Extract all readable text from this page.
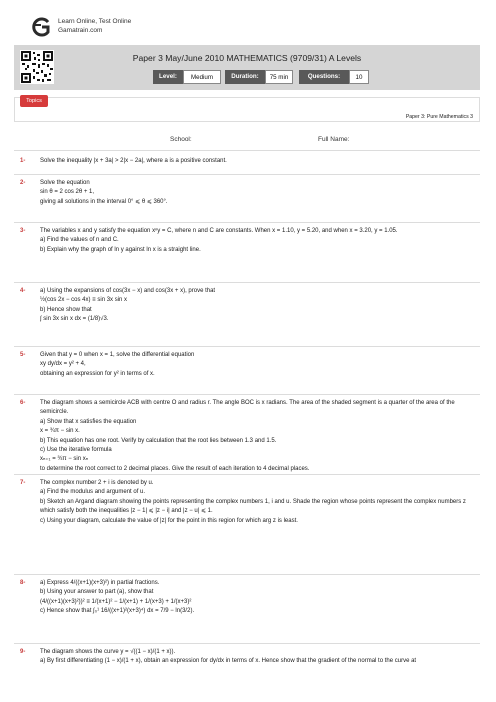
Learn Online, Test Online
Gamatrain.com
Paper 3 May/June 2010 MATHEMATICS (9709/31) A Levels
Level:	Medium	Duration:	75 min	Questions:	10
Paper 3: Pure Mathematics 3
Topics
School:	Full Name:
1- Solve the inequality |x + 3a| > 2|x − 2a|, where a is a positive constant.
2- Solve the equation
sin θ = 2 cos 2θ + 1,
giving all solutions in the interval 0° ⩽ θ ⩽ 360°.
3- The variables x and y satisfy the equation xⁿy = C, where n and C are constants. When x = 1.10, y = 5.20, and when x = 3.20, y = 1.05.
a) Find the values of n and C.
b) Explain why the graph of ln y against ln x is a straight line.
4- a) Using the expansions of cos(3x − x) and cos(3x + x), prove that
½(cos 2x − cos 4x) ≡ sin 3x sin x
b) Hence show that
∫ sin 3x sin x dx = (1/8)√3.
5- Given that y = 0 when x = 1, solve the differential equation
xy dy/dx = y² + 4,
obtaining an expression for y² in terms of x.
6- The diagram shows a semicircle ACB with centre O and radius r. The angle BOC is x radians. The area of the shaded segment is a quarter of the area of the semicircle.
a) Show that x satisfies the equation
x = ¾π − sin x.
b) This equation has one root. Verify by calculation that the root lies between 1.3 and 1.5.
c) Use the iterative formula
xₙ₊₁ = ¾π − sin xₙ
to determine the root correct to 2 decimal places. Give the result of each iteration to 4 decimal places.
7- The complex number 2 + i is denoted by u.
a) Find the modulus and argument of u.
b) Sketch an Argand diagram showing the points representing the complex numbers 1, i and u. Shade the region whose points represent the complex numbers z which satisfy both the inequalities |z − 1| ⩽ |z − i| and |z − u| ⩽ 1.
c) Using your diagram, calculate the value of |z| for the point in this region for which arg z is least.
8- a) Express 4/((x+1)(x+3)²) in partial fractions.
b) Using your answer to part (a), show that
(4/((x+1)(x+3)²))² ≡ 1/(x+1)² − 1/(x+1) + 1/(x+3) + 1/(x+3)²
c) Hence show that ∫₀¹ 16/((x+1)²(x+3)⁴) dx = 7/9 − ln(3/2).
9- The diagram shows the curve y = √((1 − x)/(1 + x)).
a) By first differentiating (1 − x)/(1 + x), obtain an expression for dy/dx in terms of x. Hence show that the gradient of the normal to the curve at
